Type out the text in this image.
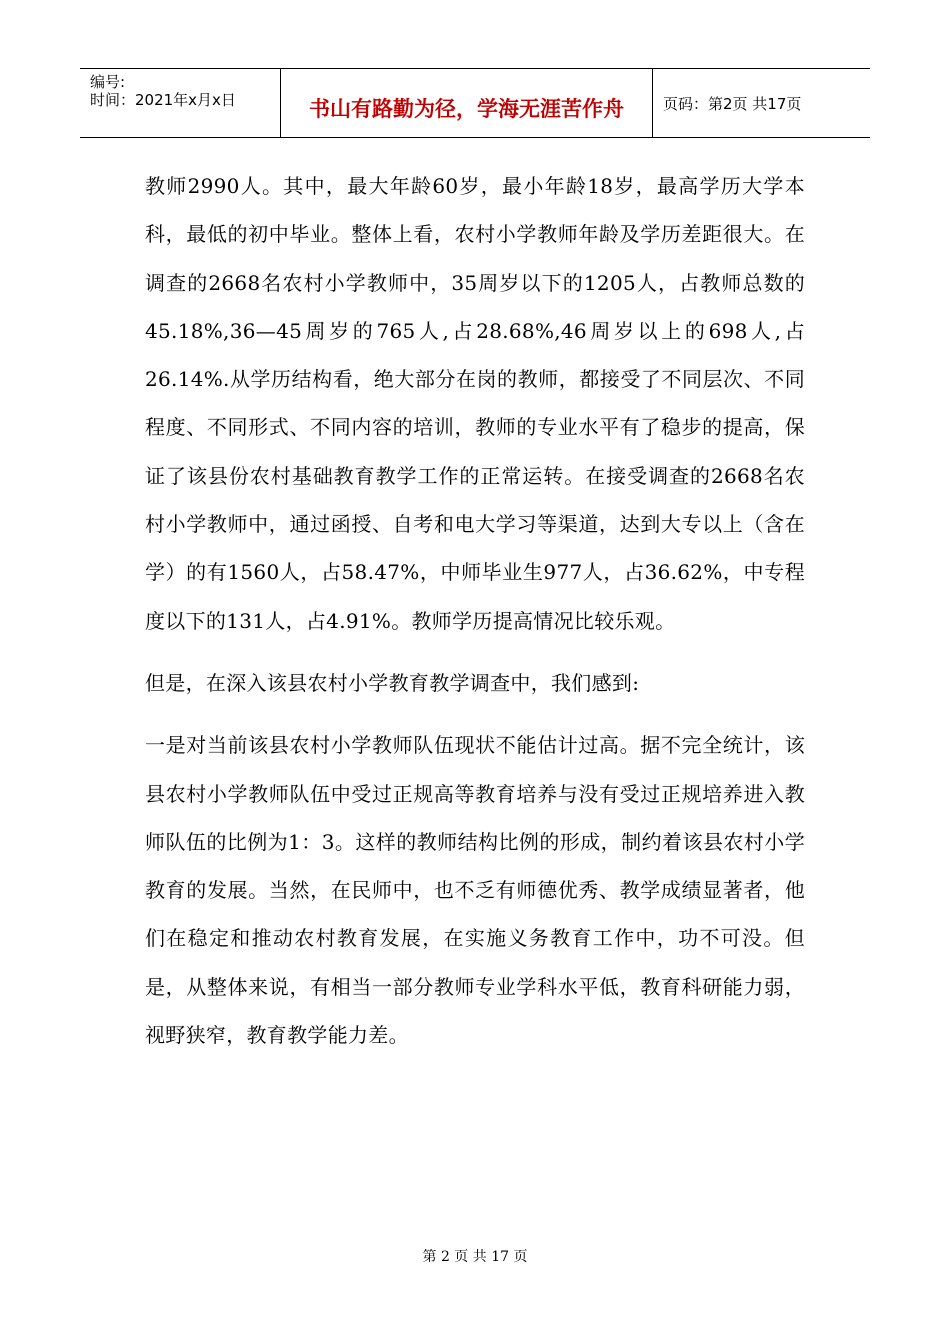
编号:
时间：2021年x月x日	书山有路勤为径，学海无涯苦作舟	页码：第2页 共17页

教师2990人。其中，最大年龄60岁，最小年龄18岁，最高学历大学本科，最低的初中毕业。整体上看，农村小学教师年龄及学历差距很大。在调查的2668名农村小学教师中，35周岁以下的1205人，占教师总数的45.18%,36—45周岁的765人,占28.68%,46周岁以上的698人,占26.14%.从学历结构看，绝大部分在岗的教师，都接受了不同层次、不同程度、不同形式、不同内容的培训，教师的专业水平有了稳步的提高，保证了该县份农村基础教育教学工作的正常运转。在接受调查的2668名农村小学教师中，通过函授、自考和电大学习等渠道，达到大专以上（含在学）的有1560人，占58.47%，中师毕业生977人，占36.62%，中专程度以下的131人，占4.91%。教师学历提高情况比较乐观。

但是，在深入该县农村小学教育教学调查中，我们感到:

一是对当前该县农村小学教师队伍现状不能估计过高。据不完全统计，该县农村小学教师队伍中受过正规高等教育培养与没有受过正规培养进入教师队伍的比例为1：3。这样的教师结构比例的形成，制约着该县农村小学教育的发展。当然，在民师中，也不乏有师德优秀、教学成绩显著者，他们在稳定和推动农村教育发展，在实施义务教育工作中，功不可没。但是，从整体来说，有相当一部分教师专业学科水平低，教育科研能力弱，视野狭窄，教育教学能力差。

第 2 页 共 17 页
